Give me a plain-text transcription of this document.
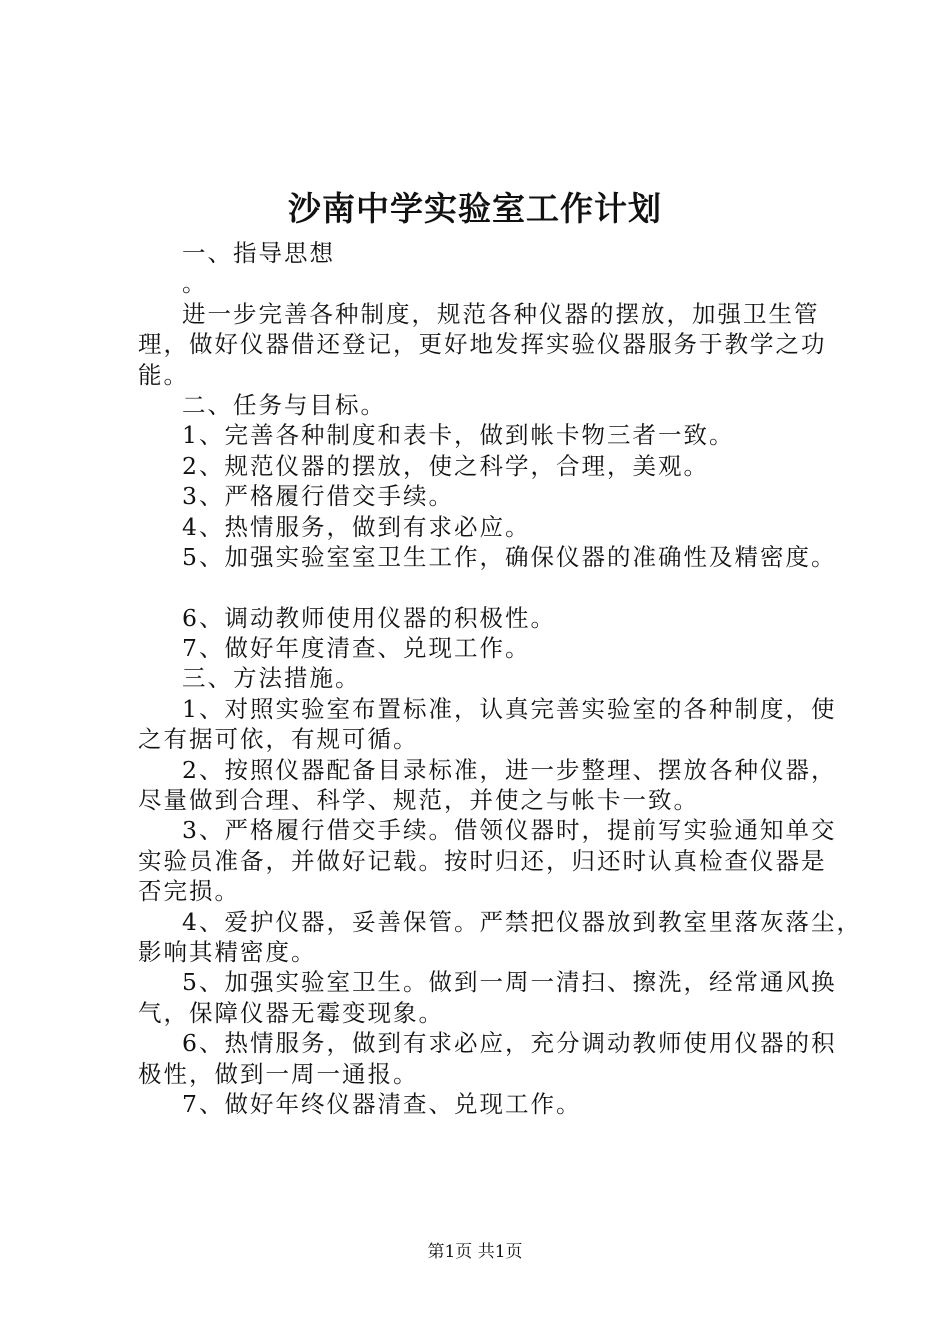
沙南中学实验室工作计划
一、指导思想
。
进一步完善各种制度，规范各种仪器的摆放，加强卫生管
理，做好仪器借还登记，更好地发挥实验仪器服务于教学之功
能。
二、任务与目标。
1、完善各种制度和表卡，做到帐卡物三者一致。
2、规范仪器的摆放，使之科学，合理，美观。
3、严格履行借交手续。
4、热情服务，做到有求必应。
5、加强实验室室卫生工作，确保仪器的准确性及精密度。
6、调动教师使用仪器的积极性。
7、做好年度清查、兑现工作。
三、方法措施。
1、对照实验室布置标准，认真完善实验室的各种制度，使
之有据可依，有规可循。
2、按照仪器配备目录标准，进一步整理、摆放各种仪器，
尽量做到合理、科学、规范，并使之与帐卡一致。
3、严格履行借交手续。借领仪器时，提前写实验通知单交
实验员准备，并做好记载。按时归还，归还时认真检查仪器是
否完损。
4、爱护仪器，妥善保管。严禁把仪器放到教室里落灰落尘，
影响其精密度。
5、加强实验室卫生。做到一周一清扫、擦洗，经常通风换
气，保障仪器无霉变现象。
6、热情服务，做到有求必应，充分调动教师使用仪器的积
极性，做到一周一通报。
7、做好年终仪器清查、兑现工作。
第1页 共1页
